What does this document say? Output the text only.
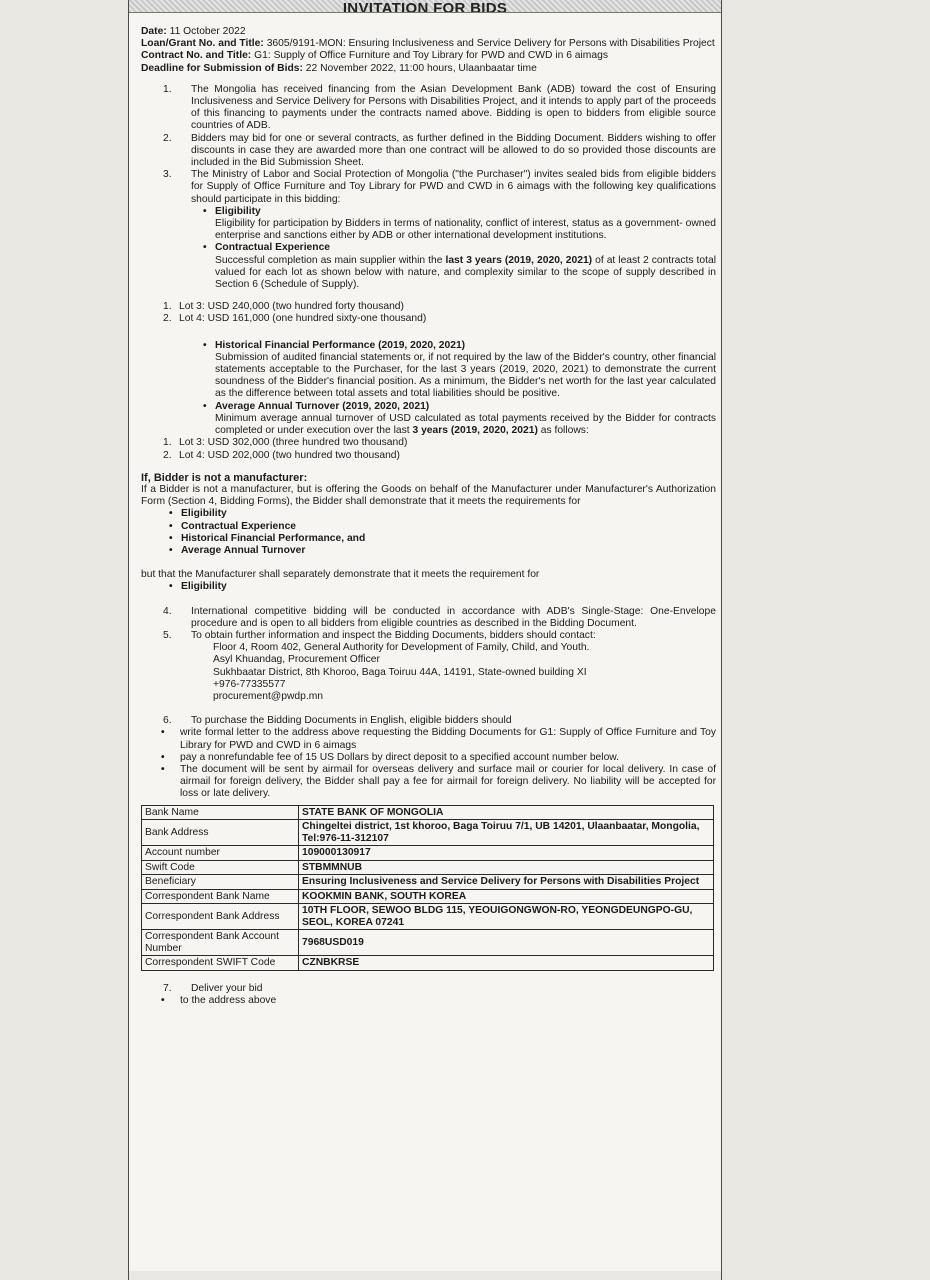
INVITATION FOR BIDS

Date: 11 October 2022

Loan/Grant No. and Title: 3605/9191-MON: Ensuring Inclusiveness and Service Delivery for Persons with Disabilities Project

Contract No. and Title: G1: Supply of Office Furniture and Toy Library for PWD and CWD in 6 aimags

Deadline for Submission of Bids: 22 November 2022, 11:00 hours, Ulaanbaatar time

1. The Mongolia has received financing from the Asian Development Bank (ADB) toward the cost of Ensuring Inclusiveness and Service Delivery for Persons with Disabilities Project, and it intends to apply part of the proceeds of this financing to payments under the contracts named above. Bidding is open to bidders from eligible source countries of ADB.
2. Bidders may bid for one or several contracts, as further defined in the Bidding Document. Bidders wishing to offer discounts in case they are awarded more than one contract will be allowed to do so provided those discounts are included in the Bid Submission Sheet.
3. The Ministry of Labor and Social Protection of Mongolia ("the Purchaser") invites sealed bids from eligible bidders for Supply of Office Furniture and Toy Library for PWD and CWD in 6 aimags with the following key qualifications should participate in this bidding:
• Eligibility
Eligibility for participation by Bidders in terms of nationality, conflict of interest, status as a government- owned enterprise and sanctions either by ADB or other international development institutions.
• Contractual Experience
Successful completion as main supplier within the last 3 years (2019, 2020, 2021) of at least 2 contracts total valued for each lot as shown below with nature, and complexity similar to the scope of supply described in Section 6 (Schedule of Supply).
1. Lot 3: USD 240,000 (two hundred forty thousand)
2. Lot 4: USD 161,000 (one hundred sixty-one thousand)
• Historical Financial Performance (2019, 2020, 2021)
Submission of audited financial statements or, if not required by the law of the Bidder's country, other financial statements acceptable to the Purchaser, for the last 3 years (2019, 2020, 2021) to demonstrate the current soundness of the Bidder's financial position. As a minimum, the Bidder's net worth for the last year calculated as the difference between total assets and total liabilities should be positive.
• Average Annual Turnover (2019, 2020, 2021)
Minimum average annual turnover of USD calculated as total payments received by the Bidder for contracts completed or under execution over the last 3 years (2019, 2020, 2021) as follows:
1. Lot 3: USD 302,000 (three hundred two thousand)
2. Lot 4: USD 202,000 (two hundred two thousand)

If, Bidder is not a manufacturer:

If a Bidder is not a manufacturer, but is offering the Goods on behalf of the Manufacturer under Manufacturer's Authorization Form (Section 4, Bidding Forms), the Bidder shall demonstrate that it meets the requirements for

• Eligibility
• Contractual Experience
• Historical Financial Performance, and
• Average Annual Turnover

but that the Manufacturer shall separately demonstrate that it meets the requirement for

• Eligibility
4. International competitive bidding will be conducted in accordance with ADB's Single-Stage: One-Envelope procedure and is open to all bidders from eligible countries as described in the Bidding Document.
5. To obtain further information and inspect the Bidding Documents, bidders should contact:
Floor 4, Room 402, General Authority for Development of Family, Child, and Youth.
Asyl Khuandag, Procurement Officer
Sukhbaatar District, 8th Khoroo, Baga Toiruu 44A, 14191, State-owned building XI
+976-77335577
procurement@pwdp.mn
6. To purchase the Bidding Documents in English, eligible bidders should
• write formal letter to the address above requesting the Bidding Documents for G1: Supply of Office Furniture and Toy Library for PWD and CWD in 6 aimags
• pay a nonrefundable fee of 15 US Dollars by direct deposit to a specified account number below.
• The document will be sent by airmail for overseas delivery and surface mail or courier for local delivery. In case of airmail for foreign delivery, the Bidder shall pay a fee for airmail for foreign delivery. No liability will be accepted for loss or late delivery.
Bank Name	STATE BANK OF MONGOLIA
Bank Address	Chingeltei district, 1st khoroo, Baga Toiruu 7/1, UB 14201, Ulaanbaatar, Mongolia, Tel:976-11-312107
Account number	109000130917
Swift Code	STBMMNUB
Beneficiary	Ensuring Inclusiveness and Service Delivery for Persons with Disabilities Project
Correspondent Bank Name	KOOKMIN BANK, SOUTH KOREA
Correspondent Bank Address	10TH FLOOR, SEWOO BLDG 115, YEOUIGONGWON-RO, YEONGDEUNGPO-GU, SEOL, KOREA 07241
Correspondent Bank Account Number	7968USD019
Correspondent SWIFT Code	CZNBKRSE
7. Deliver your bid
• to the address above
